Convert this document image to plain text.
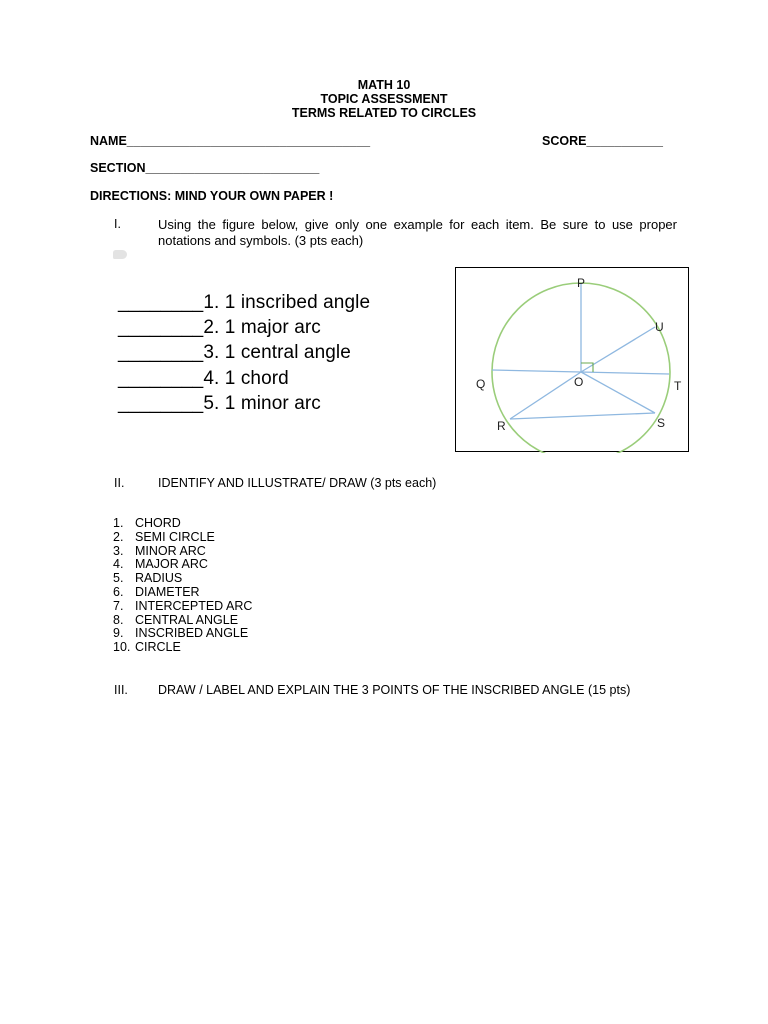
MATH 10
TOPIC ASSESSMENT
TERMS RELATED TO CIRCLES
NAME___________________________________	SCORE___________
SECTION_________________________
DIRECTIONS: MIND YOUR OWN PAPER !
I.	Using the figure below, give only one example for each item. Be sure to use proper notations and symbols. (3 pts each)
________1. 1 inscribed angle
________2. 1 major arc
________3. 1 central angle
________4. 1 chord
________5. 1 minor arc
P
U
Q	O	T
R	S
II.	IDENTIFY AND ILLUSTRATE/ DRAW (3 pts each)
1. CHORD
2. SEMI CIRCLE
3. MINOR ARC
4. MAJOR ARC
5. RADIUS
6. DIAMETER
7. INTERCEPTED ARC
8. CENTRAL ANGLE
9. INSCRIBED ANGLE
10. CIRCLE
III. DRAW / LABEL AND EXPLAIN THE 3 POINTS OF THE INSCRIBED ANGLE (15 pts)
